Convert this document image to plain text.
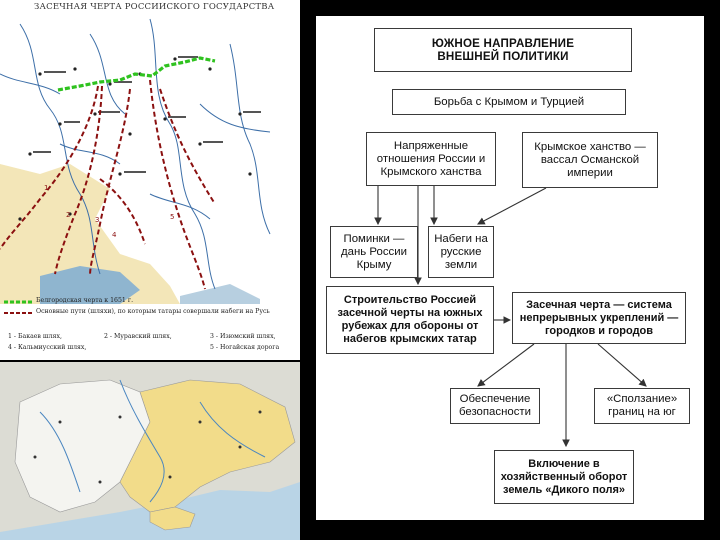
ЗАСЕЧНАЯ ЧЕРТА РОССИЙСКОГО ГОСУДАРСТВА
1
2
3
4
5
Белгородская черта к 1651 г.
Основные пути (шляхи), по которым татары совершали набеги на Русь
1 - Бакаев шлях,	2 - Муравский шлях,	3 - Изюмский шлях,
4 - Кальмиусский шлях,	5 - Ногайская дорога
ЮЖНОЕ НАПРАВЛЕНИЕ
ВНЕШНЕЙ ПОЛИТИКИ
Борьба с Крымом и Турцией
Напряженные
отношения России и
Крымского ханства
Крымское ханство —
вассал Османской
империи
Поминки —
дань России
Крыму
Набеги на
русские
земли
Строительство Россией
засечной черты на южных
рубежах для обороны от
набегов крымских татар
Засечная черта — система
непрерывных укреплений —
городков и городов
Обеспечение
безопасности
«Сползание»
границ на юг
Включение в
хозяйственный оборот
земель «Дикого поля»
